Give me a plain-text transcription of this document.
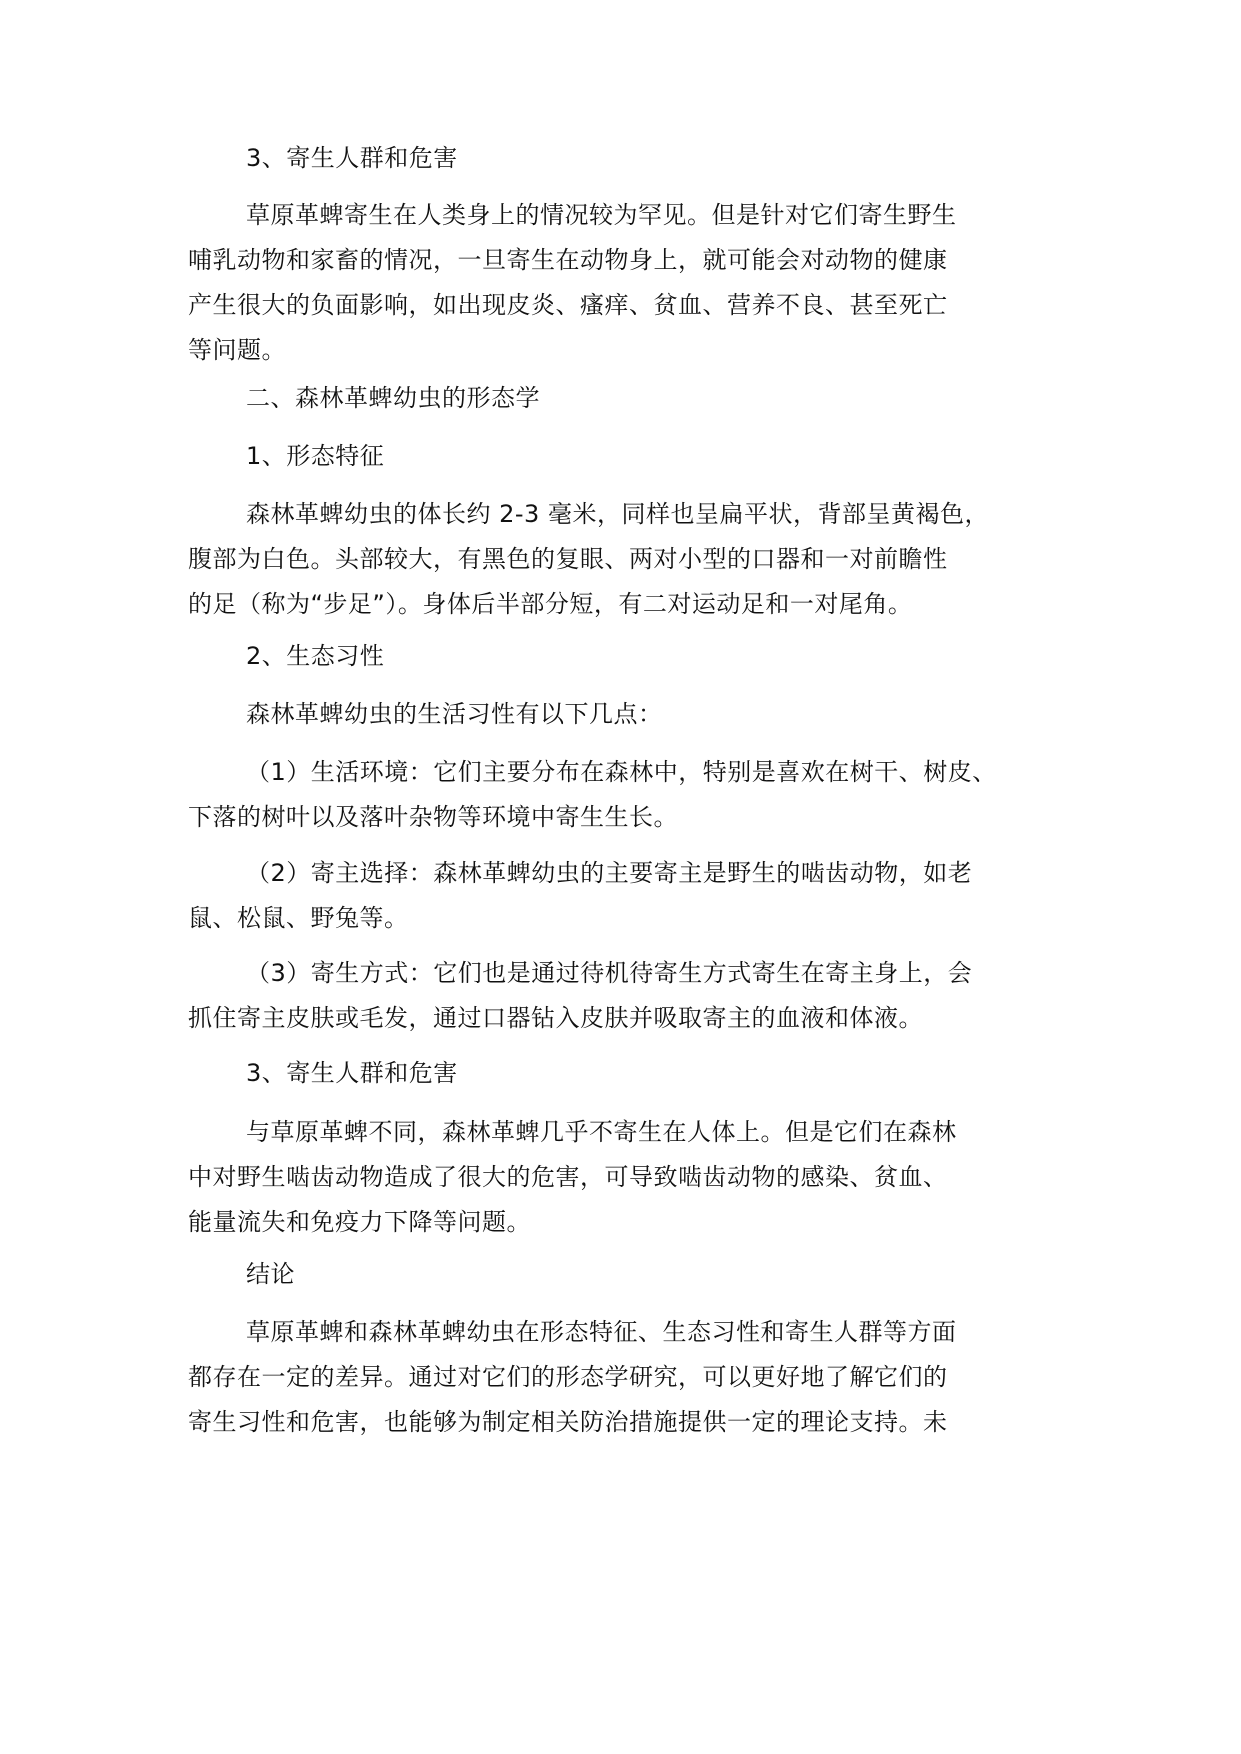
3、寄生人群和危害

草原革蜱寄生在人类身上的情况较为罕见。但是针对它们寄生野生
哺乳动物和家畜的情况，一旦寄生在动物身上，就可能会对动物的健康
产生很大的负面影响，如出现皮炎、瘙痒、贫血、营养不良、甚至死亡
等问题。

二、森林革蜱幼虫的形态学

1、形态特征

森林革蜱幼虫的体长约 2-3 毫米，同样也呈扁平状，背部呈黄褐色，
腹部为白色。头部较大，有黑色的复眼、两对小型的口器和一对前瞻性
的足（称为“步足”）。身体后半部分短，有二对运动足和一对尾角。

2、生态习性

森林革蜱幼虫的生活习性有以下几点：

（1）生活环境：它们主要分布在森林中，特别是喜欢在树干、树皮、
下落的树叶以及落叶杂物等环境中寄生生长。

（2）寄主选择：森林革蜱幼虫的主要寄主是野生的啮齿动物，如老
鼠、松鼠、野兔等。

（3）寄生方式：它们也是通过待机待寄生方式寄生在寄主身上，会
抓住寄主皮肤或毛发，通过口器钻入皮肤并吸取寄主的血液和体液。

3、寄生人群和危害

与草原革蜱不同，森林革蜱几乎不寄生在人体上。但是它们在森林
中对野生啮齿动物造成了很大的危害，可导致啮齿动物的感染、贫血、
能量流失和免疫力下降等问题。

结论

草原革蜱和森林革蜱幼虫在形态特征、生态习性和寄生人群等方面
都存在一定的差异。通过对它们的形态学研究，可以更好地了解它们的
寄生习性和危害，也能够为制定相关防治措施提供一定的理论支持。未
